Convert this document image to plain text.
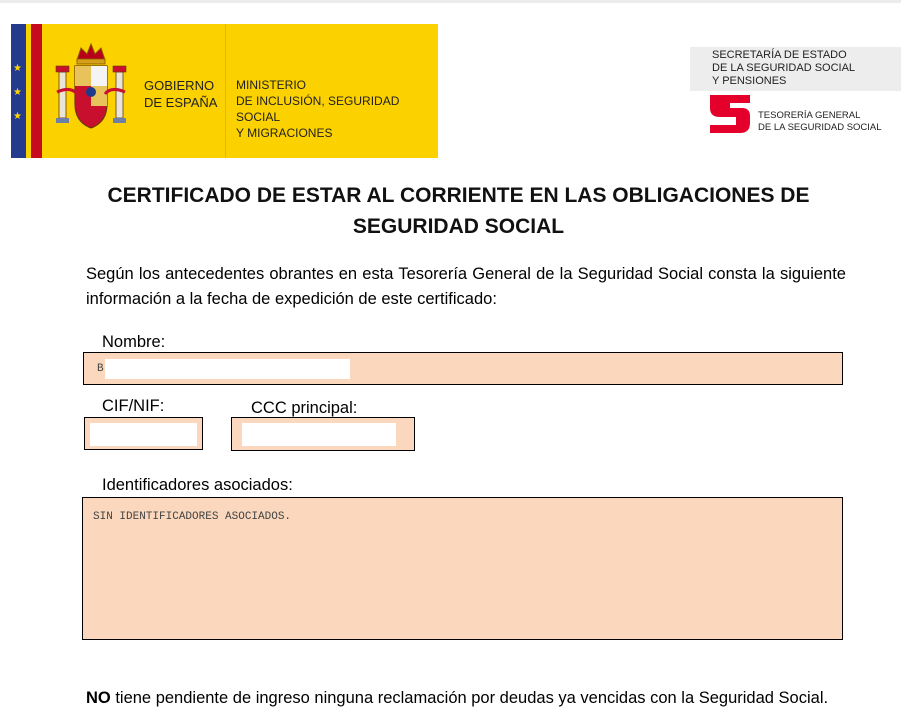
★
★
★
GOBIERNO
DE ESPAÑA
MINISTERIO
DE INCLUSIÓN, SEGURIDAD SOCIAL
Y MIGRACIONES
SECRETARÍA DE ESTADO
DE LA SEGURIDAD SOCIAL
Y PENSIONES
TESORERÍA GENERAL
DE LA SEGURIDAD SOCIAL
CERTIFICADO DE ESTAR AL CORRIENTE EN LAS OBLIGACIONES DE
SEGURIDAD SOCIAL
Según los antecedentes obrantes en esta Tesorería General de la Seguridad Social consta la siguiente información a la fecha de expedición de este certificado:
Nombre:
B
CIF/NIF:	CCC principal:
Identificadores asociados:
SIN IDENTIFICADORES ASOCIADOS.
NO tiene pendiente de ingreso ninguna reclamación por deudas ya vencidas con la Seguridad Social.
